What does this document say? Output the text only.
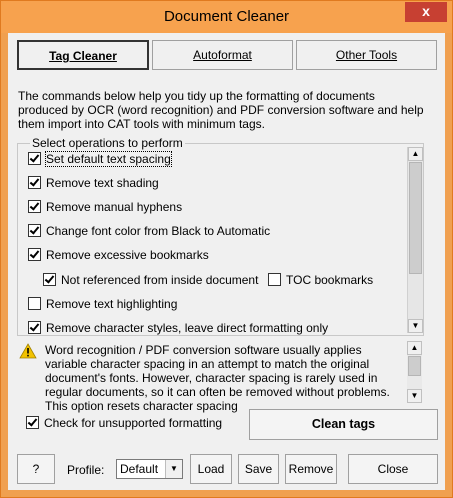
Document Cleaner	x
Tag Cleaner	Autoformat	Other Tools
The commands below help you tidy up the formatting of documents produced by OCR (word recognition) and PDF conversion software and help them import into CAT tools with minimum tags.
Select operations to perform
Set default text spacing
Remove text shading
Remove manual hyphens
Change font color from Black to Automatic
Remove excessive bookmarks
Not referenced from inside document	TOC bookmarks
Remove text highlighting
Remove character styles, leave direct formatting only
▲
▼
Word recognition / PDF conversion software usually applies variable character spacing in an attempt to match the original document's fonts. However, character spacing is rarely used in regular documents, so it can often be removed without problems. This option resets character spacing
▲
▼
Check for unsupported formatting	Clean tags
?	Profile: Default	▼	Load	Save	Remove	Close
